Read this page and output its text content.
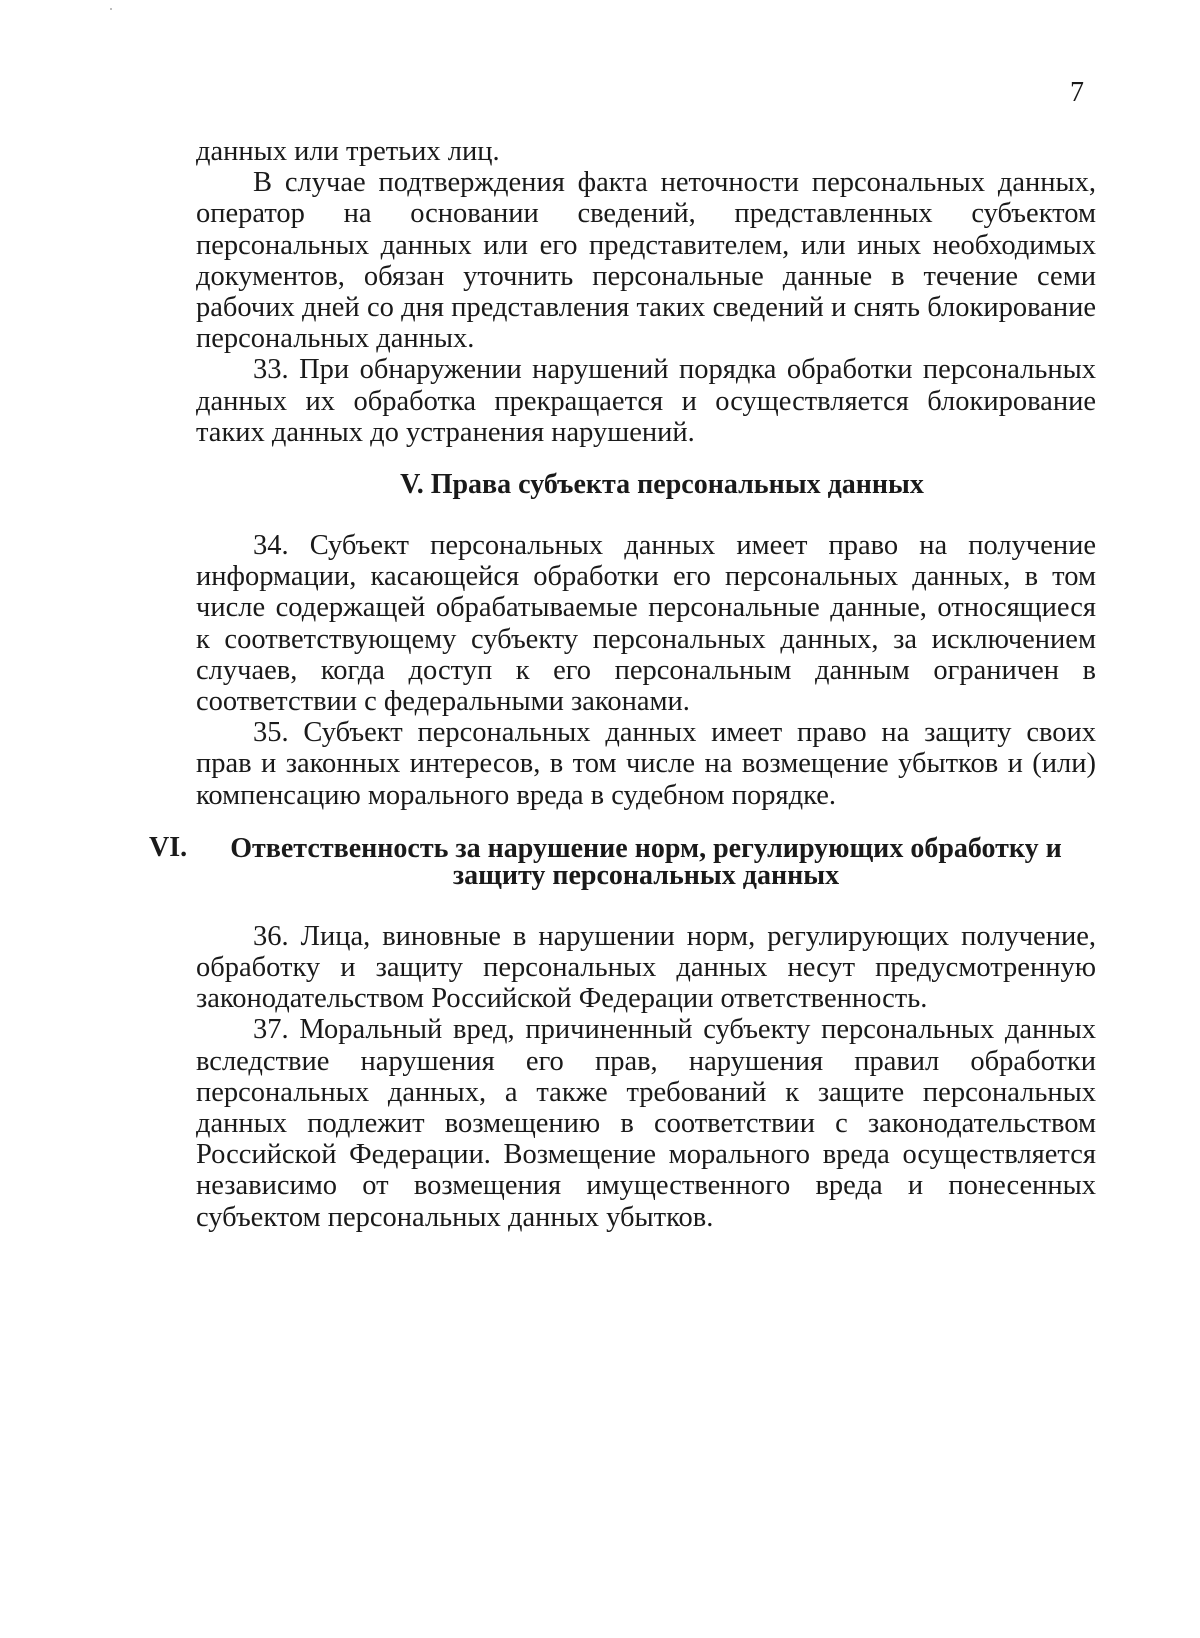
7

данных или третьих лиц.

В случае подтверждения факта неточности персональных данных, оператор на основании сведений, представленных субъектом персональных данных или его представителем, или иных необходимых документов, обязан уточнить персональные данные в течение семи рабочих дней со дня представления таких сведений и снять блокирование персональных данных.

33. При обнаружении нарушений порядка обработки персональных данных их обработка прекращается и осуществляется блокирование таких данных до устранения нарушений.

V. Права субъекта персональных данных

34. Субъект персональных данных имеет право на получение информации, касающейся обработки его персональных данных, в том числе содержащей обрабатываемые персональные данные, относящиеся к соответствующему субъекту персональных данных, за исключением случаев, когда доступ к его персональным данным ограничен в соответствии с федеральными законами.

35. Субъект персональных данных имеет право на защиту своих прав и законных интересов, в том числе на возмещение убытков и (или) компенсацию морального вреда в судебном порядке.

VI.	Ответственность за нарушение норм, регулирующих обработку и защиту персональных данных

36. Лица, виновные в нарушении норм, регулирующих получение, обработку и защиту персональных данных несут предусмотренную законодательством Российской Федерации ответственность.

37. Моральный вред, причиненный субъекту персональных данных вследствие нарушения его прав, нарушения правил обработки персональных данных, а также требований к защите персональных данных подлежит возмещению в соответствии с законодательством Российской Федерации. Возмещение морального вреда осуществляется независимо от возмещения имущественного вреда и понесенных субъектом персональных данных убытков.
